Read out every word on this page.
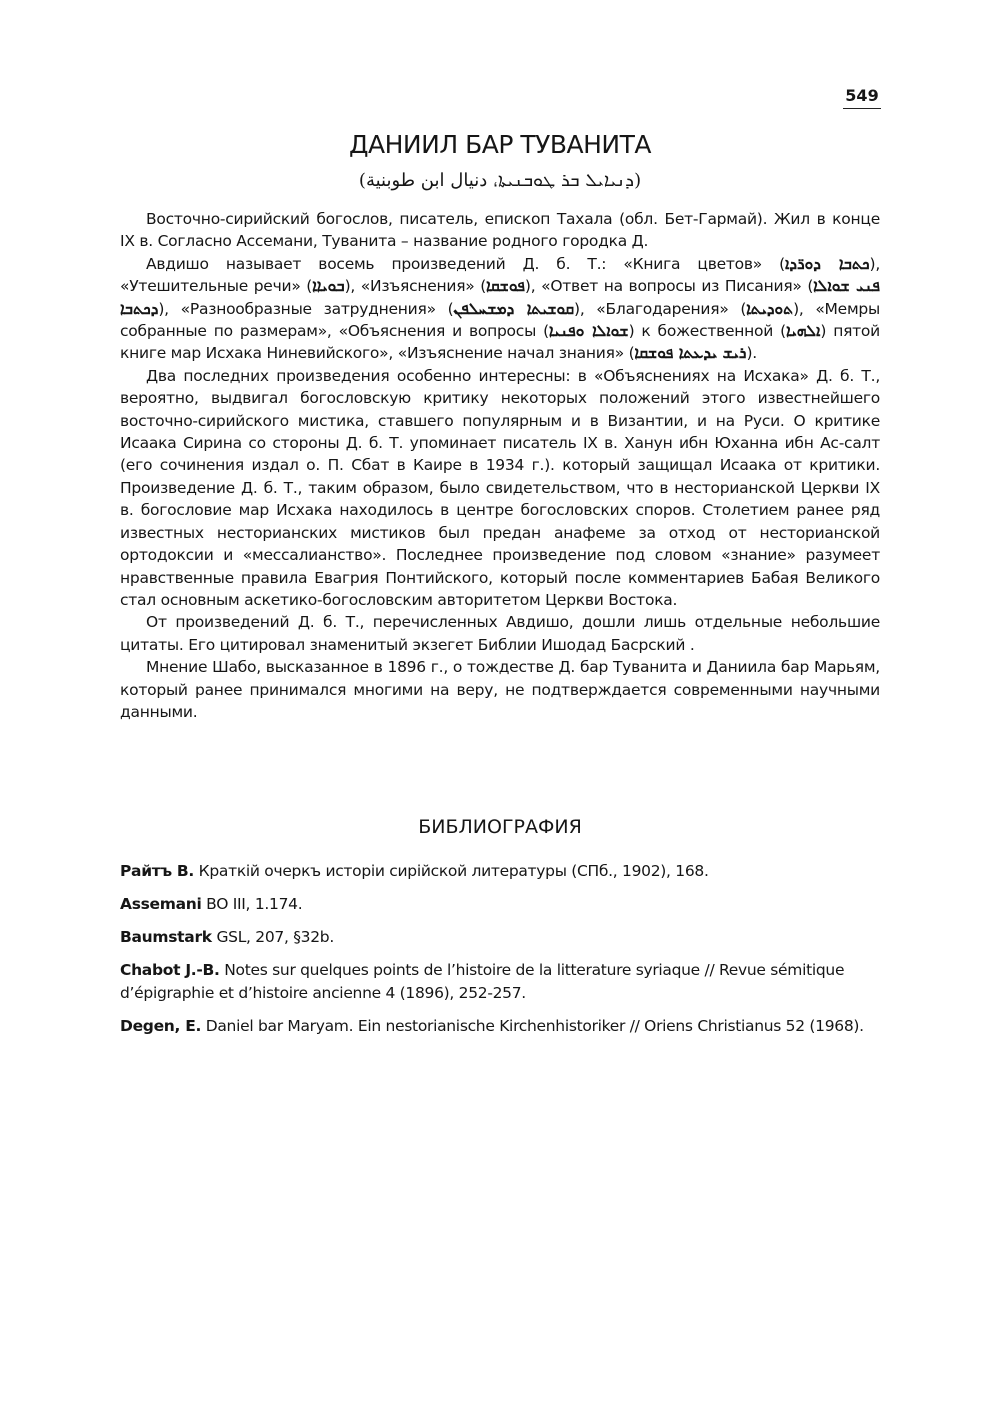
549
ДАНИИЛ БАР ТУВАНИТА
(ܕܢܝܐܝܠ ܒܪ ܛܘܒܢܝܬܐ، دنيال ابن طوبنية)

Восточно-сирийский богослов, писатель, епископ Тахала (обл. Бет-Гармай). Жил в конце IX в. Согласно Ассемани, Туванита – название родного городка Д.

Авдишо называет восемь произведений Д. б. Т.: «Книга цветов» (ܟܬܒܐ ܕܘܪ̈ܕܐ), «Утешительные речи» (ܒܘܝܐܐ), «Изъяснения» (ܦܘܫܩܐ), «Ответ на вопросы из Писания» (ܦܢܝ ܫܘܐܠܐ ܕܟܬܒܐ), «Разнообразные затруднения» (ܩܘܫܝܬܐ ܕܡܫܚܠܦܢ), «Благодарения» (ܬܘܕܝܬܐ), «Мемры собранные по размерам», «Объяснения и вопросы (ܫܘܐܠܐ ܘܦܢܝܐ) к божественной (ܐܠܗܝܐ) пятой книге мар Исхака Ниневийского», «Изъяснение начал знания» (ܪܝܫ ܝܕܥܬܐ ܦܘܫܩܐ).

Два последних произведения особенно интересны: в «Объяснениях на Исхака» Д. б. Т., вероятно, выдвигал богословскую критику некоторых положений этого известнейшего восточно-сирийского мистика, ставшего популярным и в Византии, и на Руси. О критике Исаака Сирина со стороны Д. б. Т. упоминает писатель IX в. Ханун ибн Юханна ибн Ас-салт (его сочинения издал о. П. Сбат в Каире в 1934 г.). который защищал Исаака от критики. Произведение Д. б. Т., таким образом, было свидетельством, что в несторианской Церкви IX в. богословие мар Исхака находилось в центре богословских споров. Столетием ранее ряд известных несторианских мистиков был предан анафеме за отход от несторианской ортодоксии и «мессалианство». Последнее произведение под словом «знание» разумеет нравственные правила Евагрия Понтийского, который после комментариев Бабая Великого стал основным аскетико-богословским авторитетом Церкви Востока.

От произведений Д. б. Т., перечисленных Авдишо, дошли лишь отдельные небольшие цитаты. Его цитировал знаменитый экзегет Библии Ишодад Басрский .

Мнение Шабо, высказанное в 1896 г., о тождестве Д. бар Туванита и Даниила бар Марьям, который ранее принимался многими на веру, не подтверждается современными научными данными.

БИБЛИОГРАФИЯ

Райтъ В. Краткій очеркъ исторіи сирійской литературы (СПб., 1902), 168.

Assemani BO III, 1.174.

Baumstark GSL, 207, §32b.

Chabot J.-B. Notes sur quelques points de l’histoire de la litterature syriaque // Revue sémitique d’épigraphie et d’histoire ancienne 4 (1896), 252-257.

Degen, E. Daniel bar Maryam. Ein nestorianische Kirchenhistoriker // Oriens Christianus 52 (1968).
